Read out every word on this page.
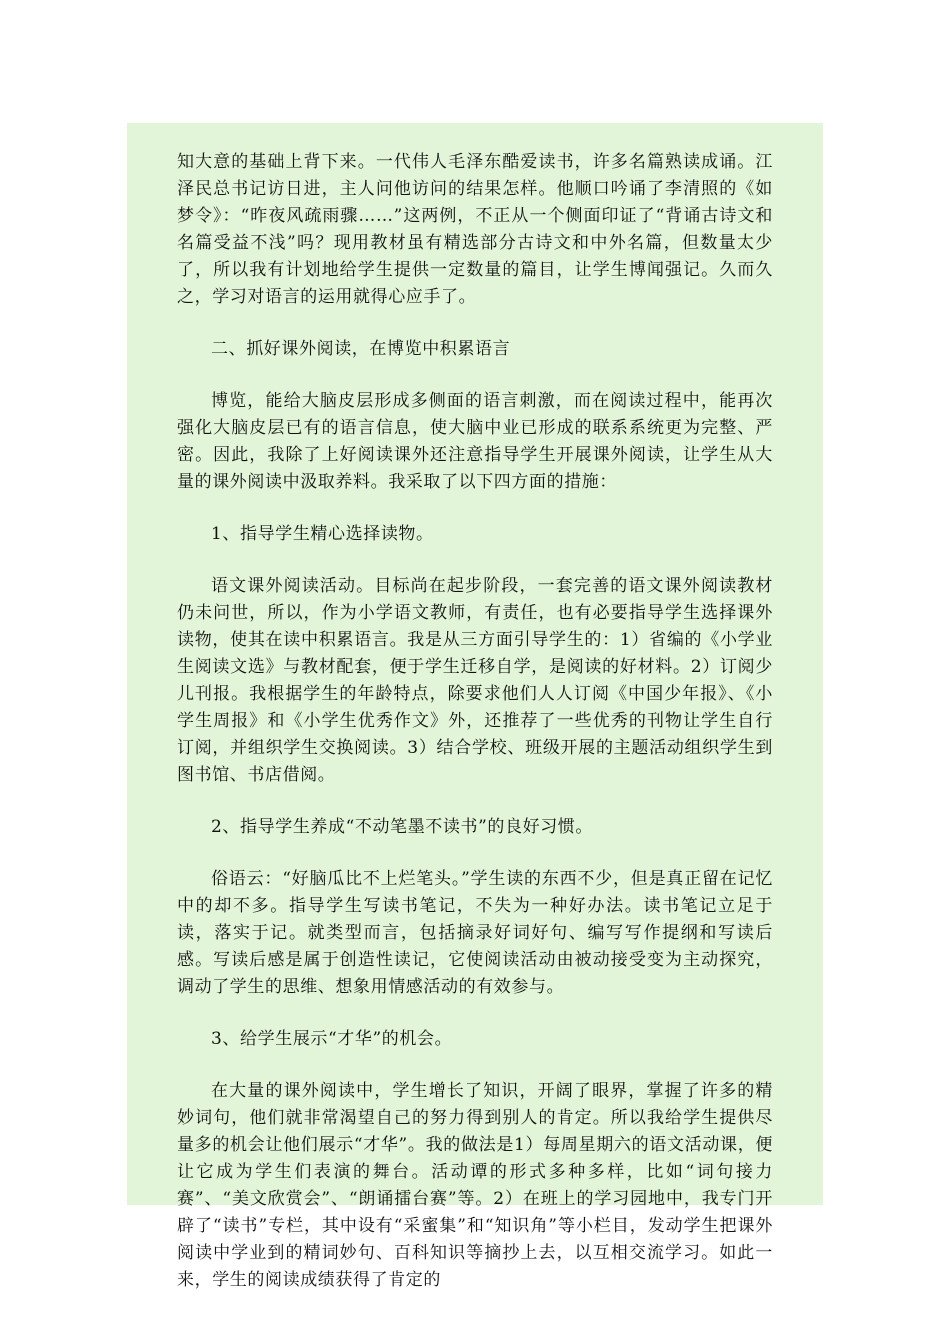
知大意的基础上背下来。一代伟人毛泽东酷爱读书，许多名篇熟读成诵。江泽民总书记访日进，主人问他访问的结果怎样。他顺口吟诵了李清照的《如梦令》：“昨夜风疏雨骤……”这两例，不正从一个侧面印证了“背诵古诗文和名篇受益不浅”吗？现用教材虽有精选部分古诗文和中外名篇，但数量太少了，所以我有计划地给学生提供一定数量的篇目，让学生博闻强记。久而久之，学习对语言的运用就得心应手了。

二、抓好课外阅读，在博览中积累语言

博览，能给大脑皮层形成多侧面的语言刺激，而在阅读过程中，能再次强化大脑皮层已有的语言信息，使大脑中业已形成的联系系统更为完整、严密。因此，我除了上好阅读课外还注意指导学生开展课外阅读，让学生从大量的课外阅读中汲取养料。我采取了以下四方面的措施：

1、指导学生精心选择读物。

语文课外阅读活动。目标尚在起步阶段，一套完善的语文课外阅读教材仍未问世，所以，作为小学语文教师，有责任，也有必要指导学生选择课外读物，使其在读中积累语言。我是从三方面引导学生的：1）省编的《小学业生阅读文选》与教材配套，便于学生迁移自学，是阅读的好材料。2）订阅少儿刊报。我根据学生的年龄特点，除要求他们人人订阅《中国少年报》、《小学生周报》和《小学生优秀作文》外，还推荐了一些优秀的刊物让学生自行订阅，并组织学生交换阅读。3）结合学校、班级开展的主题活动组织学生到图书馆、书店借阅。

2、指导学生养成“不动笔墨不读书”的良好习惯。

俗语云：“好脑瓜比不上烂笔头。”学生读的东西不少，但是真正留在记忆中的却不多。指导学生写读书笔记，不失为一种好办法。读书笔记立足于读，落实于记。就类型而言，包括摘录好词好句、编写写作提纲和写读后感。写读后感是属于创造性读记，它使阅读活动由被动接受变为主动探究，调动了学生的思维、想象用情感活动的有效参与。

3、给学生展示“才华”的机会。

在大量的课外阅读中，学生增长了知识，开阔了眼界，掌握了许多的精妙词句，他们就非常渴望自己的努力得到别人的肯定。所以我给学生提供尽量多的机会让他们展示“才华”。我的做法是1）每周星期六的语文活动课，便让它成为学生们表演的舞台。活动谭的形式多种多样，比如“词句接力赛”、“美文欣赏会”、“朗诵擂台赛”等。2）在班上的学习园地中，我专门开辟了“读书”专栏，其中设有“采蜜集”和“知识角”等小栏目，发动学生把课外阅读中学业到的精词妙句、百科知识等摘抄上去，以互相交流学习。如此一来，学生的阅读成绩获得了肯定的
